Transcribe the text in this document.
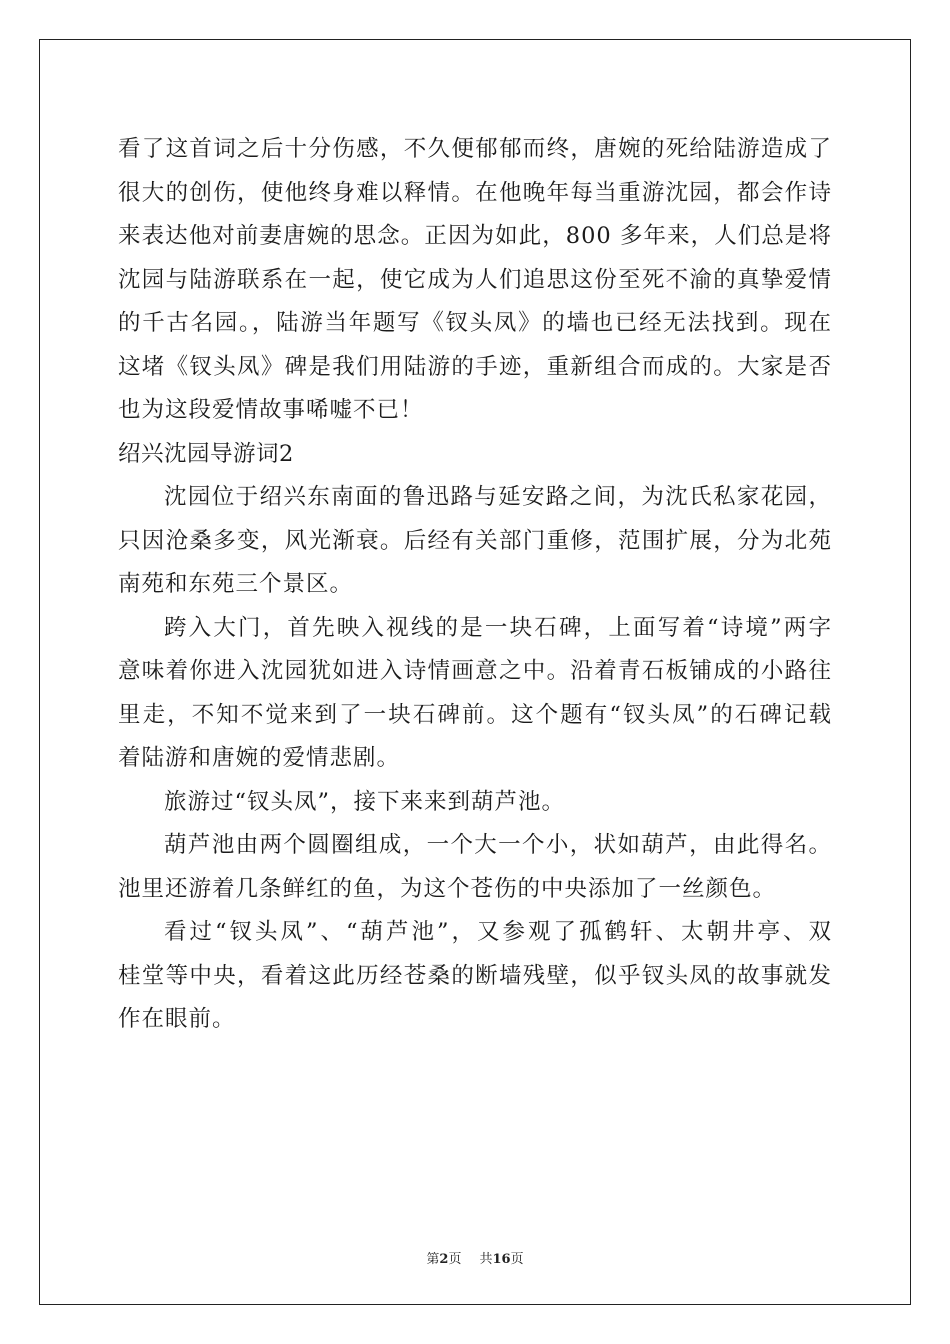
看了这首词之后十分伤感，不久便郁郁而终，唐婉的死给陆游造成了
很大的创伤，使他终身难以释情。在他晚年每当重游沈园，都会作诗
来表达他对前妻唐婉的思念。正因为如此，800 多年来，人们总是将
沈园与陆游联系在一起，使它成为人们追思这份至死不渝的真挚爱情
的千古名园。，陆游当年题写《钗头凤》的墙也已经无法找到。现在
这堵《钗头凤》碑是我们用陆游的手迹，重新组合而成的。大家是否
也为这段爱情故事唏嘘不已！
绍兴沈园导游词2
沈园位于绍兴东南面的鲁迅路与延安路之间，为沈氏私家花园，
只因沧桑多变，风光渐衰。后经有关部门重修，范围扩展，分为北苑
南苑和东苑三个景区。
跨入大门，首先映入视线的是一块石碑，上面写着“诗境”两字
意味着你进入沈园犹如进入诗情画意之中。沿着青石板铺成的小路往
里走，不知不觉来到了一块石碑前。这个题有“钗头凤”的石碑记载
着陆游和唐婉的爱情悲剧。
旅游过“钗头凤”，接下来来到葫芦池。
葫芦池由两个圆圈组成，一个大一个小，状如葫芦，由此得名。
池里还游着几条鲜红的鱼，为这个苍伤的中央添加了一丝颜色。
看过“钗头凤”、“葫芦池”，又参观了孤鹤轩、太朝井亭、双
桂堂等中央，看着这此历经苍桑的断墙残壁，似乎钗头凤的故事就发
作在眼前。
第2页 共16页
